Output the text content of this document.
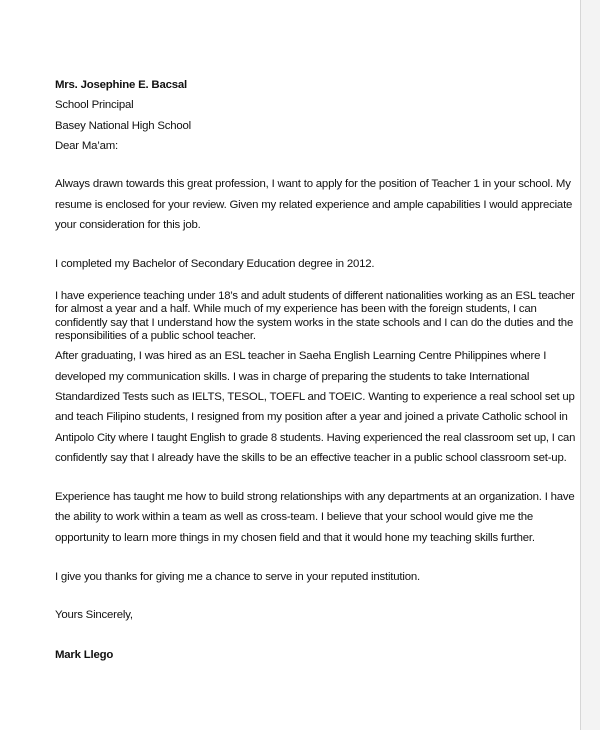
Mrs. Josephine E. Bacsal
School Principal
Basey National High School
Dear Ma’am:
Always drawn towards this great profession, I want to apply for the position of Teacher 1 in your school. My
resume is enclosed for your review. Given my related experience and ample capabilities I would appreciate
your consideration for this job.
I completed my Bachelor of Secondary Education degree in 2012.
I have experience teaching under 18’s and adult students of different nationalities working as an ESL teacher
for almost a year and a half. While much of my experience has been with the foreign students, I can
confidently say that I understand how the system works in the state schools and I can do the duties and the
responsibilities of a public school teacher.
After graduating, I was hired as an ESL teacher in Saeha English Learning Centre Philippines where I
developed my communication skills. I was in charge of preparing the students to take International
Standardized Tests such as IELTS, TESOL, TOEFL and TOEIC. Wanting to experience a real school set up
and teach Filipino students, I resigned from my position after a year and joined a private Catholic school in
Antipolo City where I taught English to grade 8 students. Having experienced the real classroom set up, I can
confidently say that I already have the skills to be an effective teacher in a public school classroom set-up.
Experience has taught me how to build strong relationships with any departments at an organization. I have
the ability to work within a team as well as cross-team. I believe that your school would give me the
opportunity to learn more things in my chosen field and that it would hone my teaching skills further.
I give you thanks for giving me a chance to serve in your reputed institution.
Yours Sincerely,
Mark Llego
